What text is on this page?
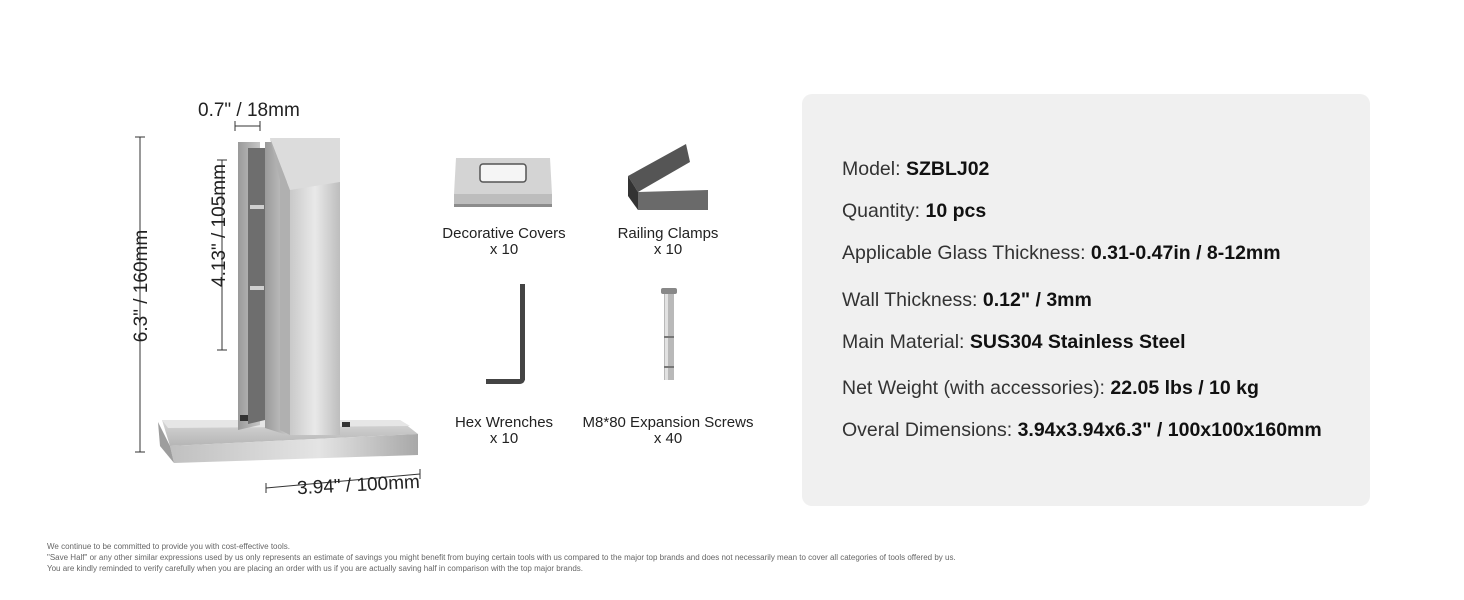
0.7" / 18mm
6.3" / 160mm	4.13" / 105mm
3.94" / 100mm
Decorative Covers
x 10
Railing Clamps
x 10
Hex Wrenches
x 10
M8*80 Expansion Screws
x 40
Model: SZBLJ02
Quantity: 10 pcs
Applicable Glass Thickness: 0.31-0.47in / 8-12mm
Wall Thickness: 0.12" / 3mm
Main Material: SUS304 Stainless Steel
Net Weight (with accessories): 22.05 lbs / 10 kg
Overal Dimensions: 3.94x3.94x6.3" / 100x100x160mm
We continue to be committed to provide you with cost-effective tools.
"Save Half" or any other similar expressions used by us only represents an estimate of savings you might benefit from buying certain tools with us compared to the major top brands and does not necessarily mean to cover all categories of tools offered by us.
You are kindly reminded to verify carefully when you are placing an order with us if you are actually saving half in comparison with the top major brands.
